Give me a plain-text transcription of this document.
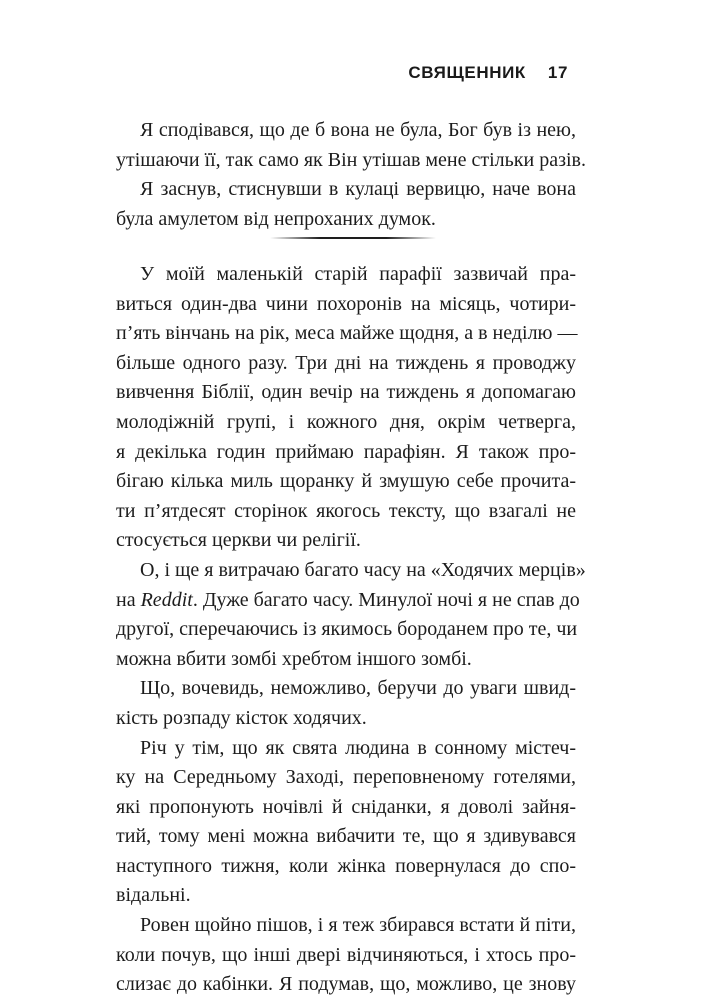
СВЯЩЕННИК 17
Я сподівався, що де б вона не була, Бог був із нею,
утішаючи її, так само як Він утішав мене стільки разів.
Я заснув, стиснувши в кулаці вервицю, наче вона
була амулетом від непроханих думок.
У моїй маленькій старій парафії зазвичай пра-
виться один-два чини похоронів на місяць, чотири-
п’ять вінчань на рік, меса майже щодня, а в неділю —
більше одного разу. Три дні на тиждень я проводжу
вивчення Біблії, один вечір на тиждень я допомагаю
молодіжній групі, і кожного дня, окрім четверга,
я декілька годин приймаю парафіян. Я також про-
бігаю кілька миль щоранку й змушую себе прочита-
ти п’ятдесят сторінок якогось тексту, що взагалі не
стосується церкви чи релігії.
О, і ще я витрачаю багато часу на «Ходячих мерців»
на Reddit. Дуже багато часу. Минулої ночі я не спав до
другої, сперечаючись із якимось бороданем про те, чи
можна вбити зомбі хребтом іншого зомбі.
Що, вочевидь, неможливо, беручи до уваги швид-
кість розпаду кісток ходячих.
Річ у тім, що як свята людина в сонному містеч-
ку на Середньому Заході, переповненому готелями,
які пропонують ночівлі й сніданки, я доволі зайня-
тий, тому мені можна вибачити те, що я здивувався
наступного тижня, коли жінка повернулася до спо-
відальні.
Ровен щойно пішов, і я теж збирався встати й піти,
коли почув, що інші двері відчиняються, і хтось про-
слизає до кабінки. Я подумав, що, можливо, це знову
